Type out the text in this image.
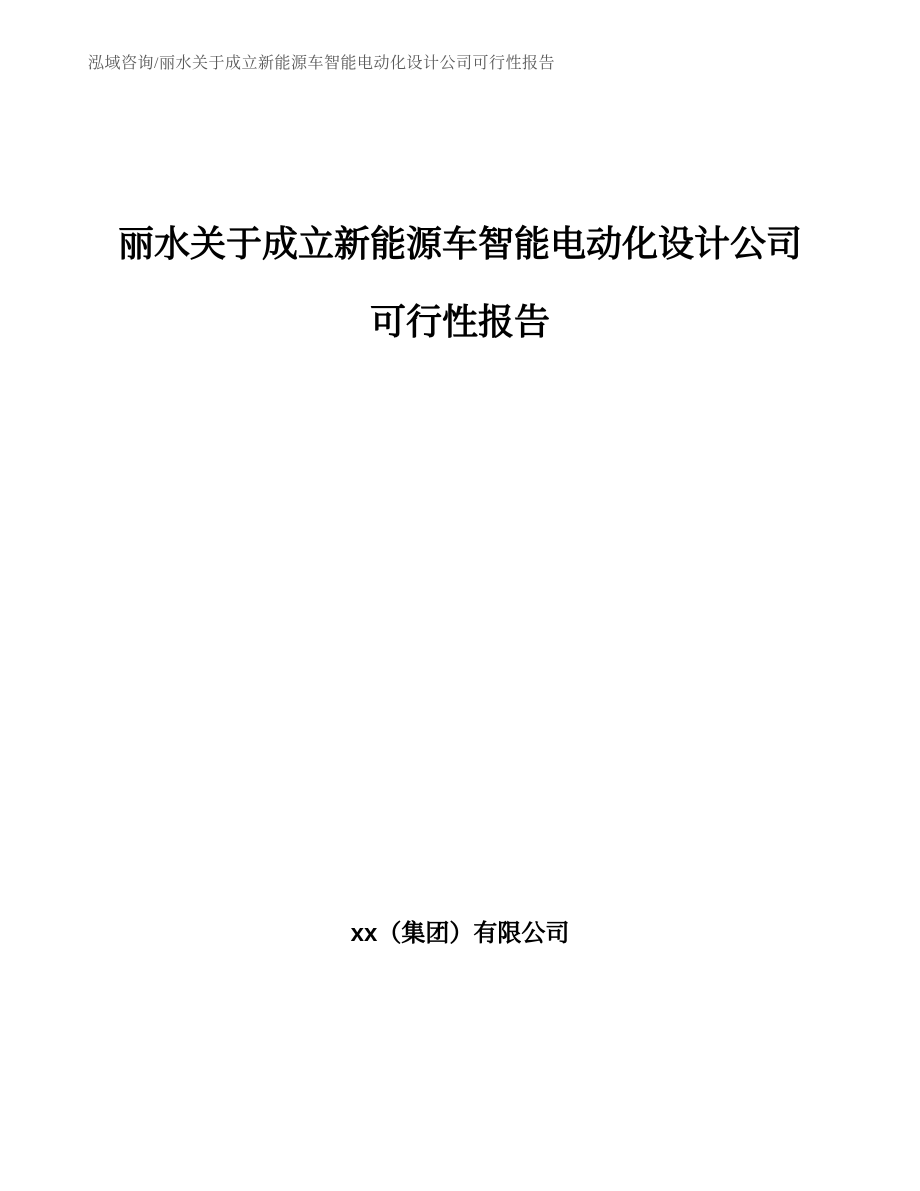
泓域咨询/丽水关于成立新能源车智能电动化设计公司可行性报告
丽水关于成立新能源车智能电动化设计公司
可行性报告
xx（集团）有限公司
